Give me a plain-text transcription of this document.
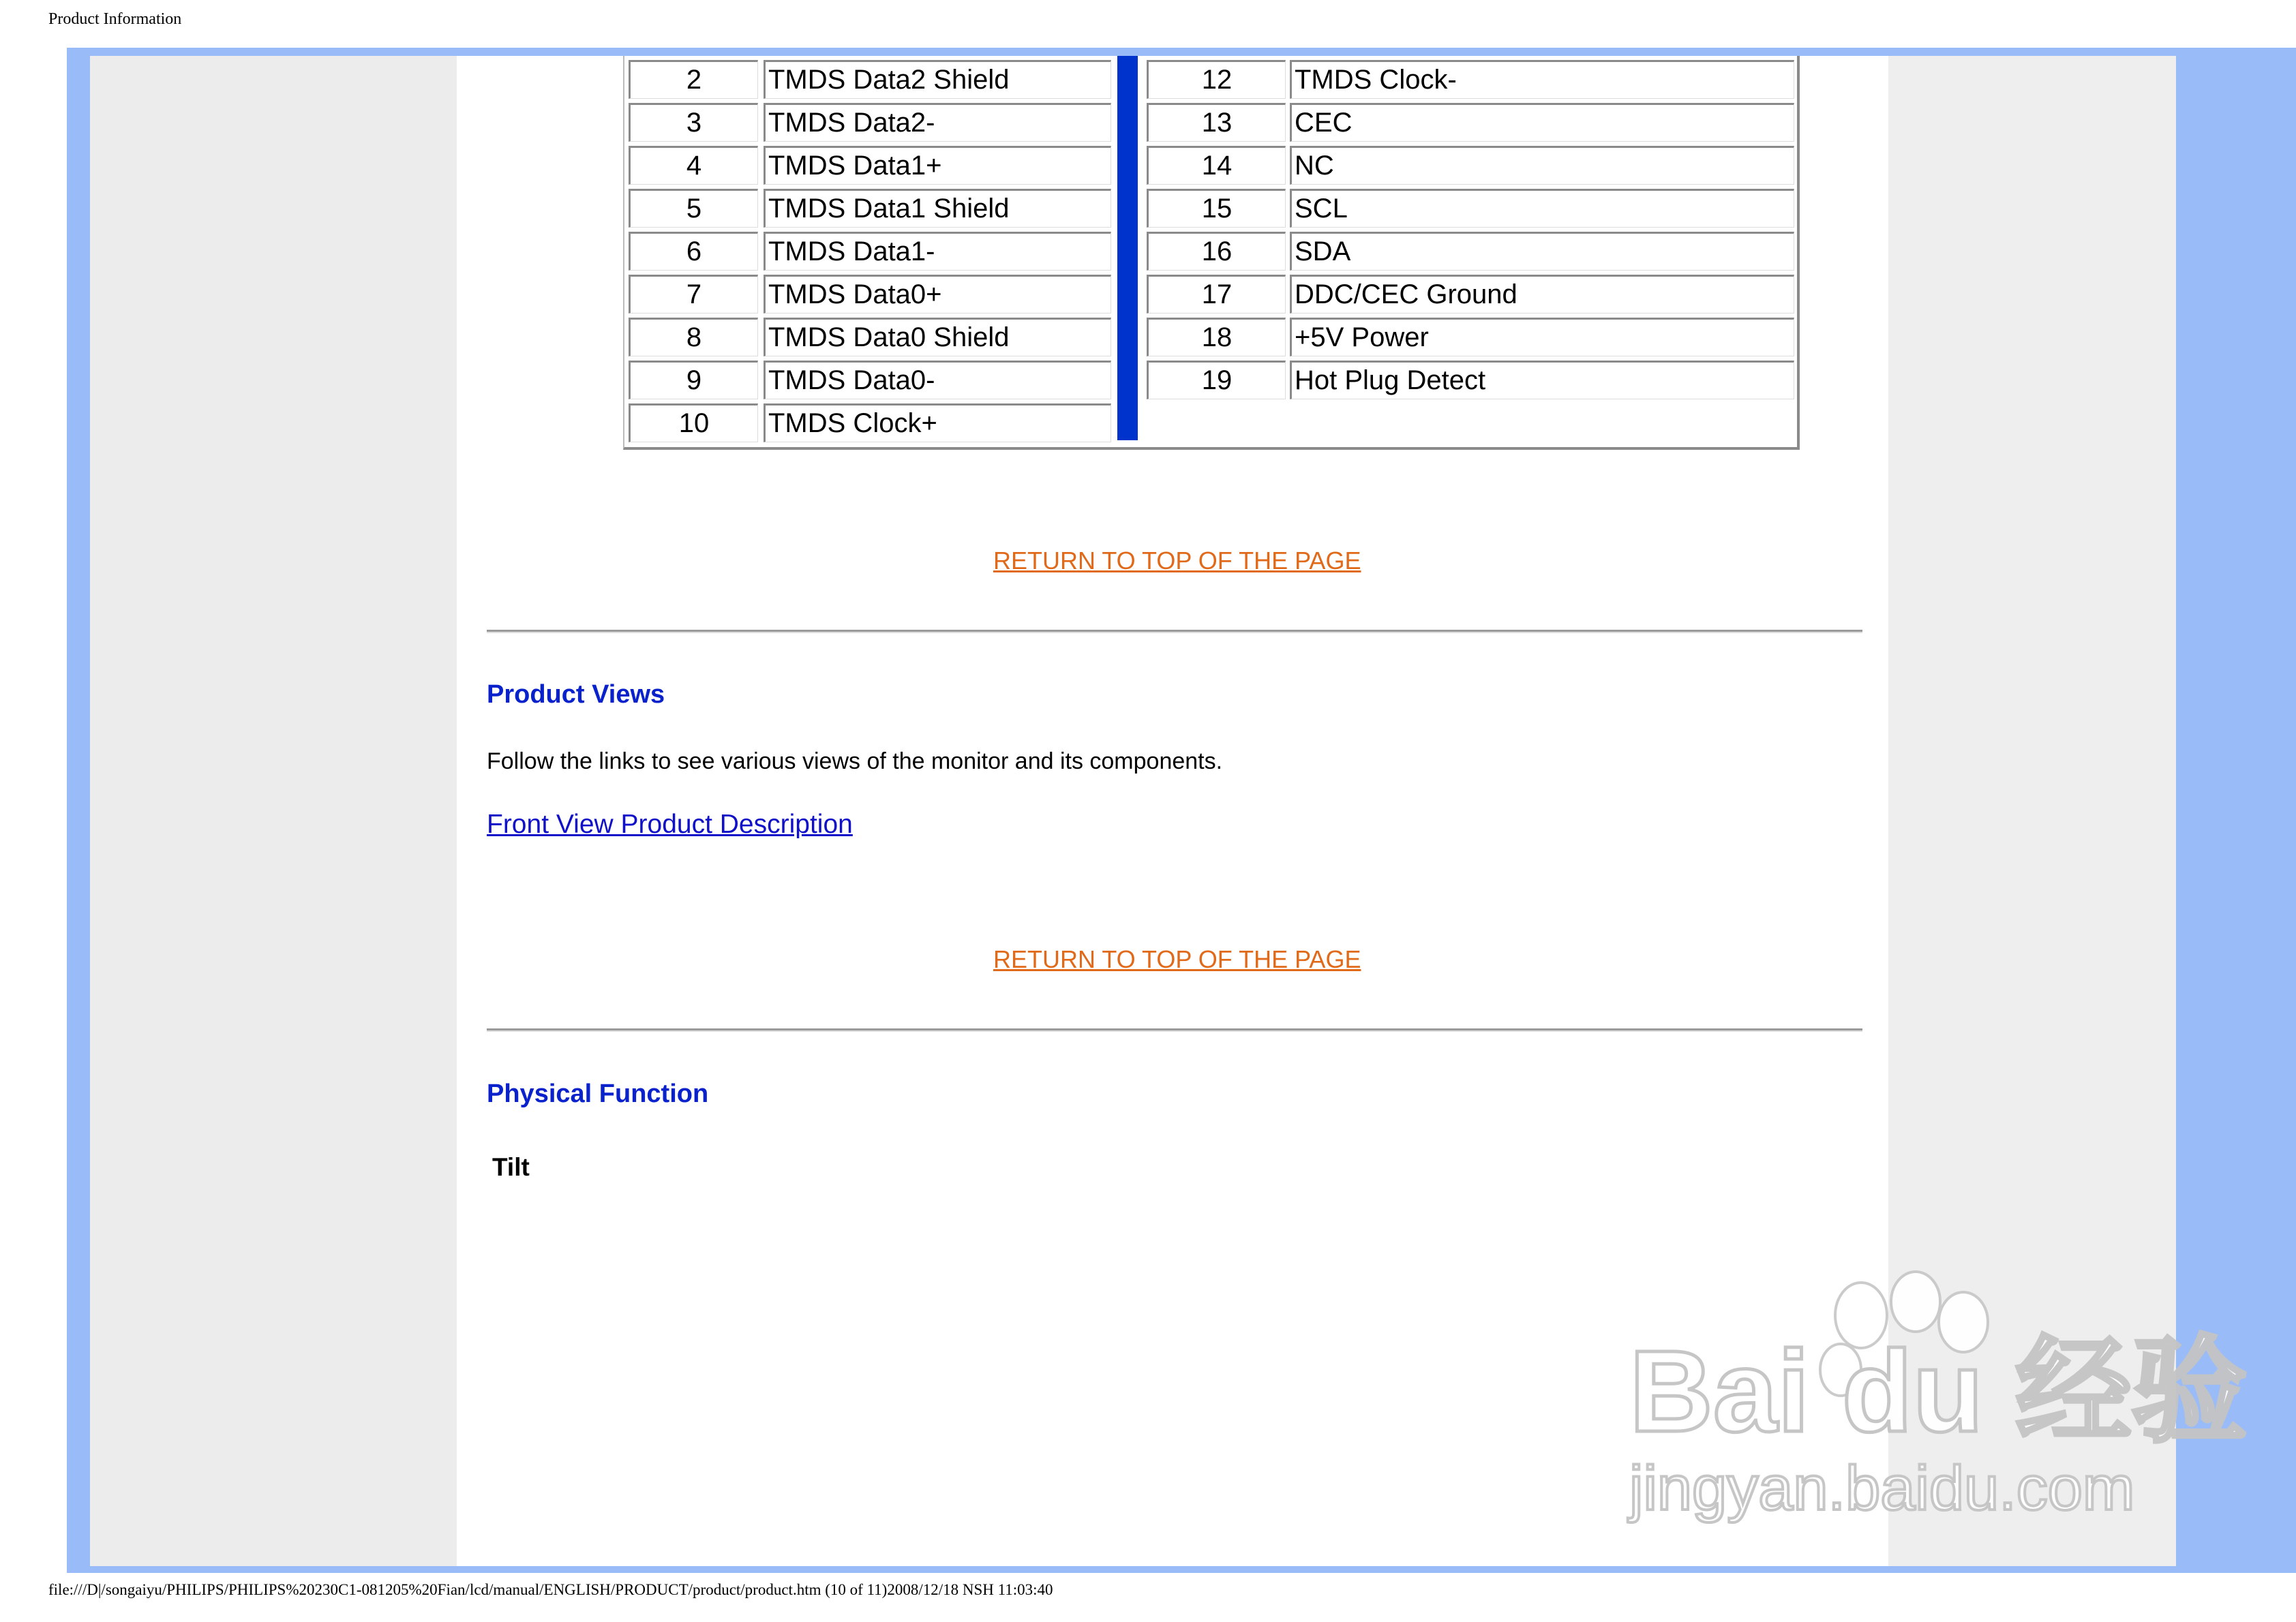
Product Information
2	TMDS Data2 Shield
3	TMDS Data2-
4	TMDS Data1+
5	TMDS Data1 Shield
6	TMDS Data1-
7	TMDS Data0+
8	TMDS Data0 Shield
9	TMDS Data0-
10	TMDS Clock+
12	TMDS Clock-
13	CEC
14	NC
15	SCL
16	SDA
17	DDC/CEC Ground
18	+5V Power
19	Hot Plug Detect
RETURN TO TOP OF THE PAGE
Product Views
Follow the links to see various views of the monitor and its components.
Front View Product Description
RETURN TO TOP OF THE PAGE
Physical Function
Tilt
Bai du 经验
jingyan.baidu.com
file:///D|/songaiyu/PHILIPS/PHILIPS%20230C1-081205%20Fian/lcd/manual/ENGLISH/PRODUCT/product/product.htm (10 of 11)2008/12/18 NSH 11:03:40
